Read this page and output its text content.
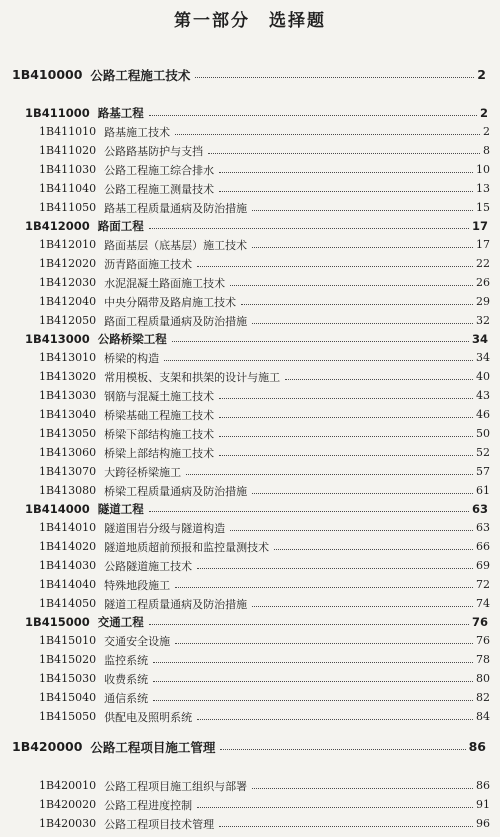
第一部分　选择题
1B410000 公路工程施工技术	2
1B411000 路基工程	2
1B411010 路基施工技术	2
1B411020 公路路基防护与支挡	8
1B411030 公路工程施工综合排水	10
1B411040 公路工程施工测量技术	13
1B411050 路基工程质量通病及防治措施	15
1B412000 路面工程	17
1B412010 路面基层（底基层）施工技术	17
1B412020 沥青路面施工技术	22
1B412030 水泥混凝土路面施工技术	26
1B412040 中央分隔带及路肩施工技术	29
1B412050 路面工程质量通病及防治措施	32
1B413000 公路桥梁工程	34
1B413010 桥梁的构造	34
1B413020 常用模板、支架和拱架的设计与施工	40
1B413030 钢筋与混凝土施工技术	43
1B413040 桥梁基础工程施工技术	46
1B413050 桥梁下部结构施工技术	50
1B413060 桥梁上部结构施工技术	52
1B413070 大跨径桥梁施工	57
1B413080 桥梁工程质量通病及防治措施	61
1B414000 隧道工程	63
1B414010 隧道围岩分级与隧道构造	63
1B414020 隧道地质超前预报和监控量测技术	66
1B414030 公路隧道施工技术	69
1B414040 特殊地段施工	72
1B414050 隧道工程质量通病及防治措施	74
1B415000 交通工程	76
1B415010 交通安全设施	76
1B415020 监控系统	78
1B415030 收费系统	80
1B415040 通信系统	82
1B415050 供配电及照明系统	84
1B420000 公路工程项目施工管理	86
1B420010 公路工程项目施工组织与部署	86
1B420020 公路工程进度控制	91
1B420030 公路工程项目技术管理	96
